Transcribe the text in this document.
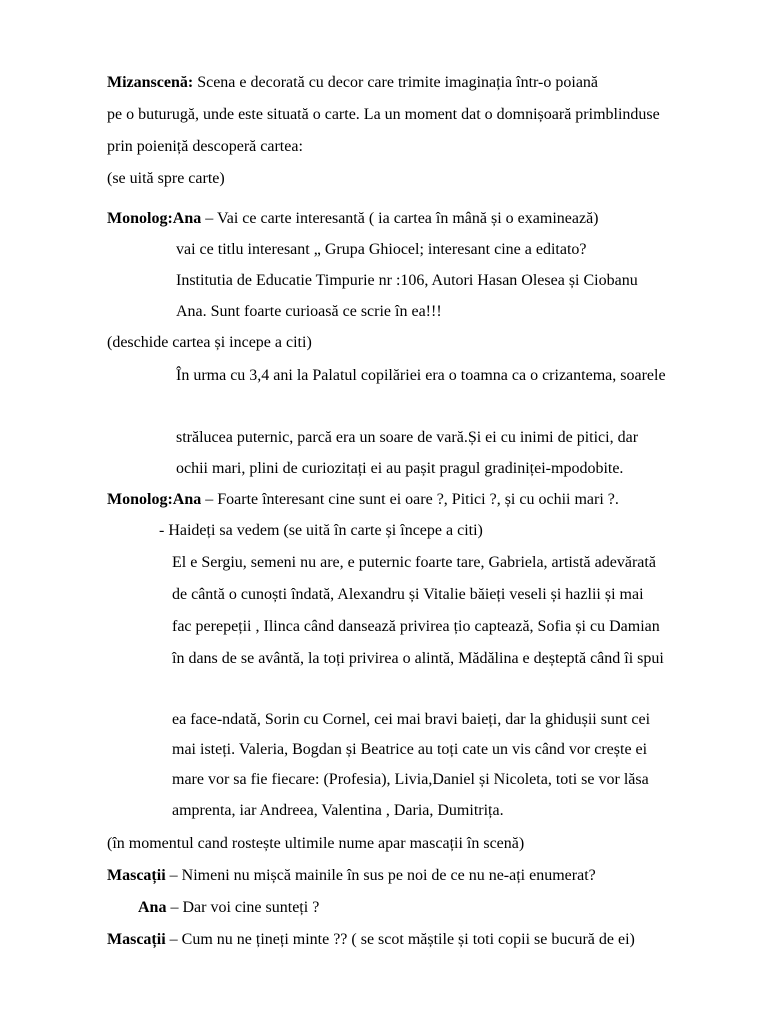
Mizanscenă: Scena e decorată cu decor care trimite imaginația într-o poiană
pe o buturugă, unde este situată o carte. La un moment dat o domnișoară primblinduse
prin poieniță descoperă cartea:
(se uită spre carte)
Monolog:Ana – Vai ce carte interesantă ( ia cartea în mână și o examinează)
vai ce titlu interesant „ Grupa Ghiocel; interesant cine a editato?
Institutia de Educatie Timpurie nr :106, Autori Hasan Olesea și Ciobanu
Ana. Sunt foarte curioasă ce scrie în ea!!!
(deschide cartea și incepe a citi)
În urma cu 3,4 ani la Palatul copilăriei era o toamna ca o crizantema, soarele
strălucea puternic, parcă era un soare de vară.Și ei cu inimi de pitici, dar
ochii mari, plini de curiozitați ei au pașit pragul gradiniței-mpodobite.
Monolog:Ana – Foarte înteresant cine sunt ei oare ?, Pitici ?, și cu ochii mari ?.
- Haideți sa vedem (se uită în carte și începe a citi)
El e Sergiu, semeni nu are, e puternic foarte tare, Gabriela, artistă adevărată
de cântă o cunoști îndată, Alexandru și Vitalie băieți veseli și hazlii și mai
fac perepeții , Ilinca când dansează privirea țio captează, Sofia și cu Damian
în dans de se avântă, la toți privirea o alintă, Mădălina e deșteptă când îi spui
ea face-ndată, Sorin cu Cornel, cei mai bravi baieți, dar la ghidușii sunt cei
mai isteți. Valeria, Bogdan și Beatrice au toți cate un vis când vor crește ei
mare vor sa fie fiecare: (Profesia), Livia,Daniel și Nicoleta, toti se vor lăsa
amprenta, iar Andreea, Valentina , Daria, Dumitrița.
(în momentul cand rostește ultimile nume apar mascații în scenă)
Mascații – Nimeni nu mișcă mainile în sus pe noi de ce nu ne-ați enumerat?
Ana – Dar voi cine sunteți ?
Mascații – Cum nu ne țineți minte ?? ( se scot măștile și toti copii se bucură de ei)
